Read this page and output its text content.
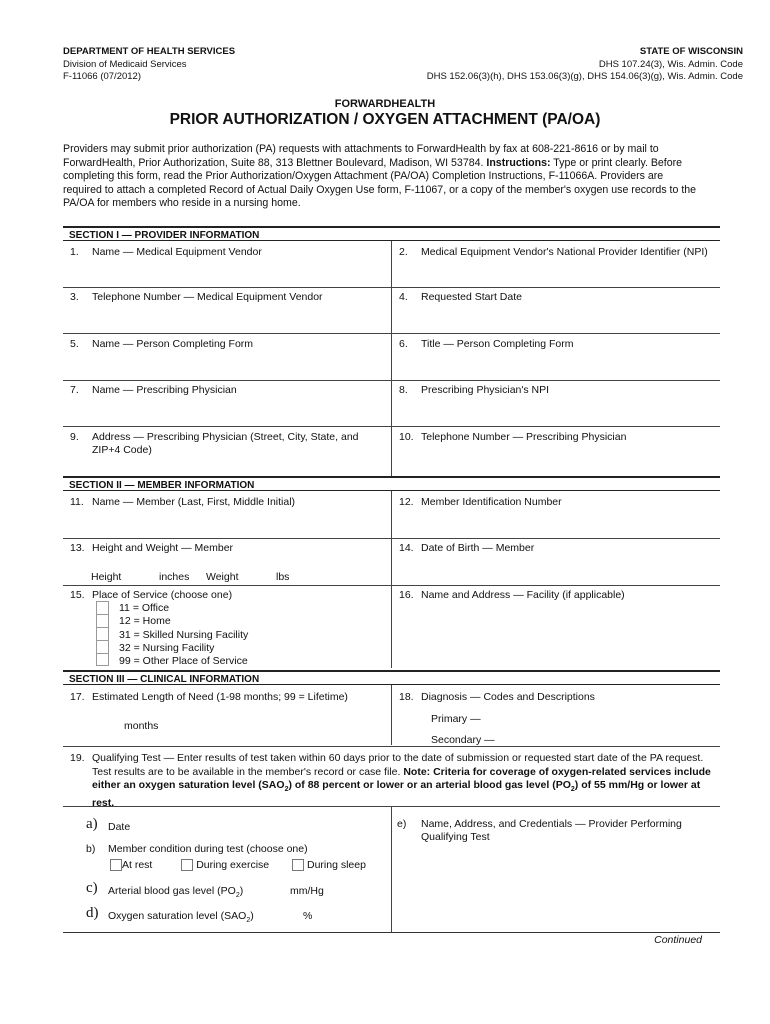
DEPARTMENT OF HEALTH SERVICES
Division of Medicaid Services
F-11066 (07/2012)
STATE OF WISCONSIN
DHS 107.24(3), Wis. Admin. Code
DHS 152.06(3)(h), DHS 153.06(3)(g), DHS 154.06(3)(g), Wis. Admin. Code
FORWARDHEALTH
PRIOR AUTHORIZATION / OXYGEN ATTACHMENT (PA/OA)
Providers may submit prior authorization (PA) requests with attachments to ForwardHealth by fax at 608-221-8616 or by mail to ForwardHealth, Prior Authorization, Suite 88, 313 Blettner Boulevard, Madison, WI 53784. Instructions: Type or print clearly. Before completing this form, read the Prior Authorization/Oxygen Attachment (PA/OA) Completion Instructions, F-11066A. Providers are required to attach a completed Record of Actual Daily Oxygen Use form, F-11067, or a copy of the member's oxygen use records to the PA/OA for members who reside in a nursing home.
SECTION I — PROVIDER INFORMATION
1. Name — Medical Equipment Vendor	2.	Medical Equipment Vendor's National Provider Identifier (NPI)
3. Telephone Number — Medical Equipment Vendor	4. Requested Start Date
5. Name — Person Completing Form	6. Title — Person Completing Form
7. Name — Prescribing Physician	8. Prescribing Physician's NPI
9.	Address — Prescribing Physician (Street, City, State, and ZIP+4 Code)
10. Telephone Number — Prescribing Physician
SECTION II — MEMBER INFORMATION
11. Name — Member (Last, First, Middle Initial)	12. Member Identification Number
13. Height and Weight — Member
Height	inches Weight	lbs
14. Date of Birth — Member
15. Place of Service (choose one)
11 = Office
12 = Home
31 = Skilled Nursing Facility
32 = Nursing Facility
99 = Other Place of Service
16. Name and Address — Facility (if applicable)
SECTION III — CLINICAL INFORMATION
17. Estimated Length of Need (1-98 months; 99 = Lifetime)
months
18. Diagnosis — Codes and Descriptions
Primary —
Secondary —
19. Qualifying Test — Enter results of test taken within 60 days prior to the date of submission or requested start date of the PA request. Test results are to be available in the member's record or case file. Note: Criteria for coverage of oxygen-related services include either an oxygen saturation level $(SAO_2)$ of 88 percent or lower or an arterial blood gas level $(PO_2)$ of 55 mm/Hg or lower at rest.
a) Date
b) Member condition during test (choose one)
At rest	During exercise	During sleep
c) Arterial blood gas level $(PO_2)$	mm/Hg
d) Oxygen saturation level $(SAO_2)$	%
e) Name, Address, and Credentials — Provider Performing Qualifying Test
Continued
